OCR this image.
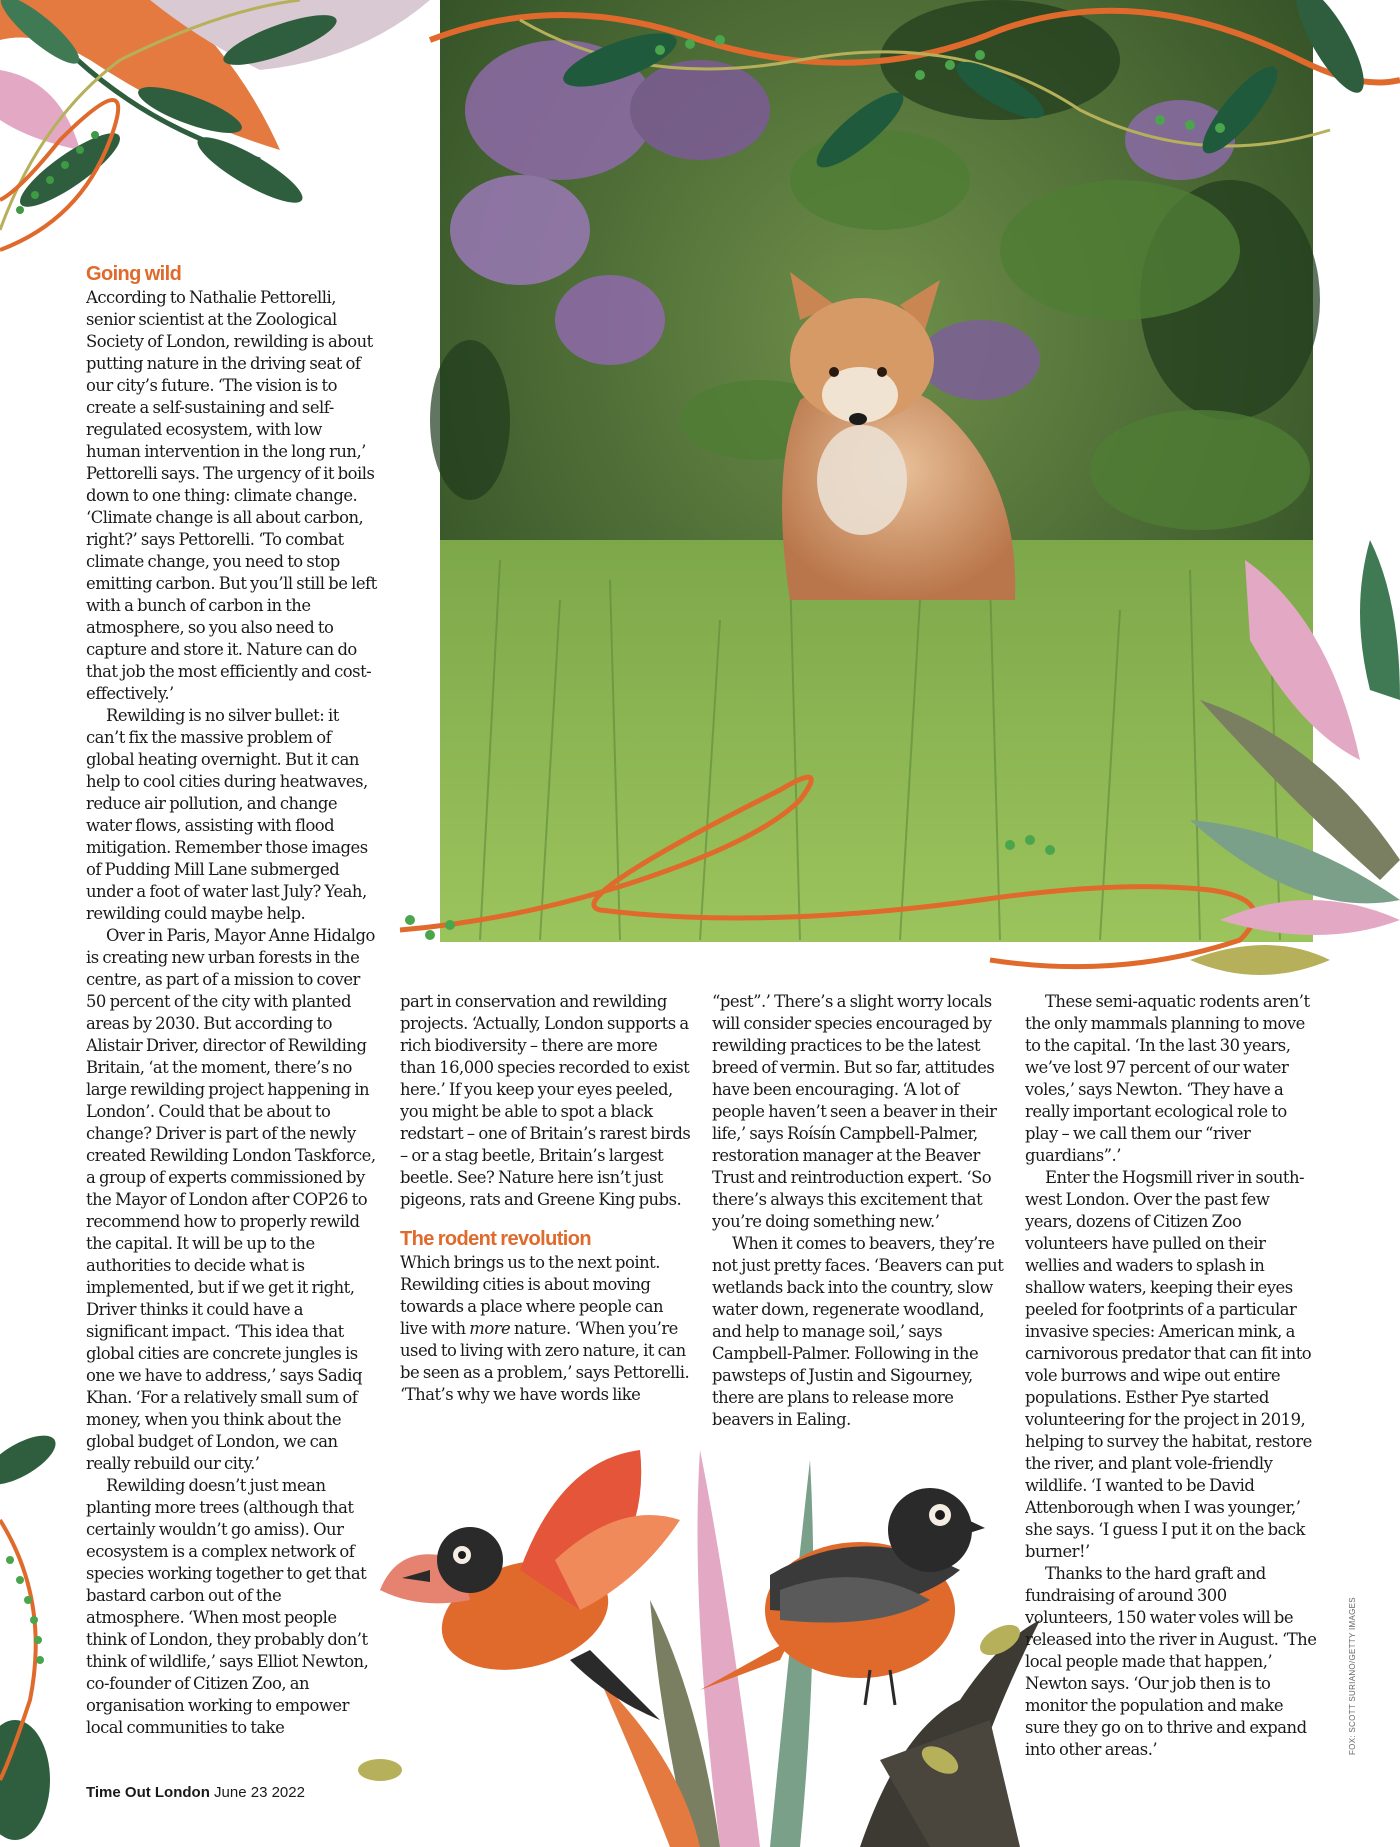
Going wild

According to Nathalie Pettorelli, senior scientist at the Zoological Society of London, rewilding is about putting nature in the driving seat of our city’s future. ‘The vision is to create a self-sustaining and self-regulated ecosystem, with low human intervention in the long run,’ Pettorelli says. The urgency of it boils down to one thing: climate change. ‘Climate change is all about carbon, right?’ says Pettorelli. ‘To combat climate change, you need to stop emitting carbon. But you’ll still be left with a bunch of carbon in the atmosphere, so you also need to capture and store it. Nature can do that job the most efficiently and cost-effectively.’

Rewilding is no silver bullet: it can’t fix the massive problem of global heating overnight. But it can help to cool cities during heatwaves, reduce air pollution, and change water flows, assisting with flood mitigation. Remember those images of Pudding Mill Lane submerged under a foot of water last July? Yeah, rewilding could maybe help.

Over in Paris, Mayor Anne Hidalgo is creating new urban forests in the centre, as part of a mission to cover 50 percent of the city with planted areas by 2030. But according to Alistair Driver, director of Rewilding Britain, ‘at the moment, there’s no large rewilding project happening in London’. Could that be about to change? Driver is part of the newly created Rewilding London Taskforce, a group of experts commissioned by the Mayor of London after COP26 to recommend how to properly rewild the capital. It will be up to the authorities to decide what is implemented, but if we get it right, Driver thinks it could have a significant impact. ‘This idea that global cities are concrete jungles is one we have to address,’ says Sadiq Khan. ‘For a relatively small sum of money, when you think about the global budget of London, we can really rebuild our city.’

Rewilding doesn’t just mean planting more trees (although that certainly wouldn’t go amiss). Our ecosystem is a complex network of species working together to get that bastard carbon out of the atmosphere. ‘When most people think of London, they probably don’t think of wildlife,’ says Elliot Newton, co-founder of Citizen Zoo, an organisation working to empower local communities to take

part in conservation and rewilding projects. ‘Actually, London supports a rich biodiversity – there are more than 16,000 species recorded to exist here.’ If you keep your eyes peeled, you might be able to spot a black redstart – one of Britain’s rarest birds – or a stag beetle, Britain’s largest beetle. See? Nature here isn’t just pigeons, rats and Greene King pubs.

The rodent revolution

Which brings us to the next point. Rewilding cities is about moving towards a place where people can live with more nature. ‘When you’re used to living with zero nature, it can be seen as a problem,’ says Pettorelli. ‘That’s why we have words like

“pest”.’ There’s a slight worry locals will consider species encouraged by rewilding practices to be the latest breed of vermin. But so far, attitudes have been encouraging. ‘A lot of people haven’t seen a beaver in their life,’ says Roísín Campbell-Palmer, restoration manager at the Beaver Trust and reintroduction expert. ‘So there’s always this excitement that you’re doing something new.’

When it comes to beavers, they’re not just pretty faces. ‘Beavers can put wetlands back into the country, slow water down, regenerate woodland, and help to manage soil,’ says Campbell-Palmer. Following in the pawsteps of Justin and Sigourney, there are plans to release more beavers in Ealing.

These semi-aquatic rodents aren’t the only mammals planning to move to the capital. ‘In the last 30 years, we’ve lost 97 percent of our water voles,’ says Newton. ‘They have a really important ecological role to play – we call them our “river guardians”.’

Enter the Hogsmill river in south-west London. Over the past few years, dozens of Citizen Zoo volunteers have pulled on their wellies and waders to splash in shallow waters, keeping their eyes peeled for footprints of a particular invasive species: American mink, a carnivorous predator that can fit into vole burrows and wipe out entire populations. Esther Pye started volunteering for the project in 2019, helping to survey the habitat, restore the river, and plant vole-friendly wildlife. ‘I wanted to be David Attenborough when I was younger,’ she says. ‘I guess I put it on the back burner!’

Thanks to the hard graft and fundraising of around 300 volunteers, 150 water voles will be released into the river in August. ‘The local people made that happen,’ Newton says. ‘Our job then is to monitor the population and make sure they go on to thrive and expand into other areas.’

Time Out London June 23 2022
FOX: SCOTT SURIANO/GETTY IMAGES
